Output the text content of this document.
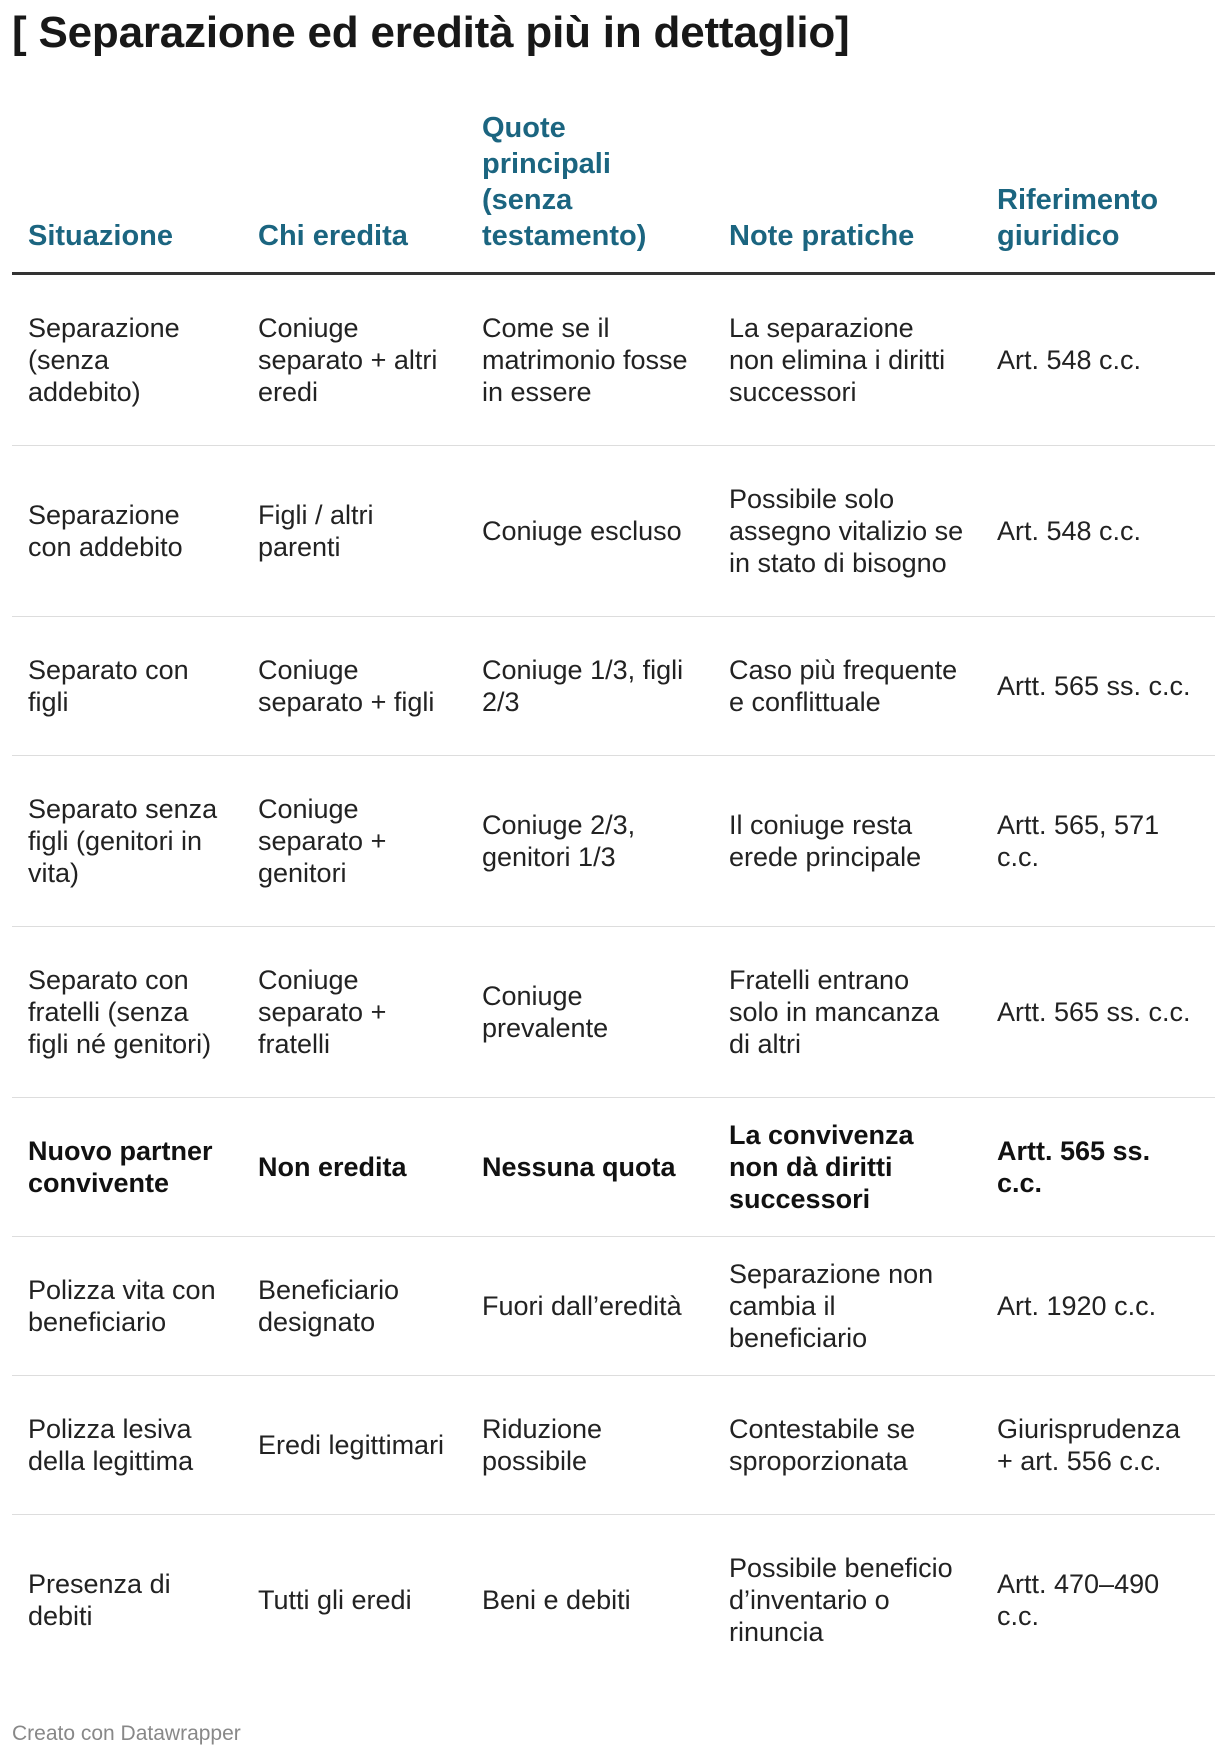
[ Separazione ed eredità più in dettaglio]
Situazione	Chi eredita	Quote principali (senza testamento)	Note pratiche	Riferimento giuridico
Separazione (senza addebito)	Coniuge separato + altri eredi	Come se il matrimonio fosse in essere	La separazione non elimina i diritti successori	Art. 548 c.c.
Separazione con addebito	Figli / altri parenti	Coniuge escluso	Possibile solo assegno vitalizio se in stato di bisogno	Art. 548 c.c.
Separato con figli	Coniuge separato + figli	Coniuge 1/3, figli 2/3	Caso più frequente e conflittuale	Artt. 565 ss. c.c.
Separato senza figli (genitori in vita)	Coniuge separato + genitori	Coniuge 2/3, genitori 1/3	Il coniuge resta erede principale	Artt. 565, 571 c.c.
Separato con fratelli (senza figli né genitori)	Coniuge separato + fratelli	Coniuge prevalente	Fratelli entrano solo in mancanza di altri	Artt. 565 ss. c.c.
Nuovo partner convivente	Non eredita	Nessuna quota	La convivenza non dà diritti successori	Artt. 565 ss. c.c.
Polizza vita con beneficiario	Beneficiario designato	Fuori dall’eredità	Separazione non cambia il beneficiario	Art. 1920 c.c.
Polizza lesiva della legittima	Eredi legittimari	Riduzione possibile	Contestabile se sproporzionata	Giurisprudenza + art. 556 c.c.
Presenza di debiti	Tutti gli eredi	Beni e debiti	Possibile beneficio d’inventario o rinuncia	Artt. 470–490 c.c.
Creato con Datawrapper
